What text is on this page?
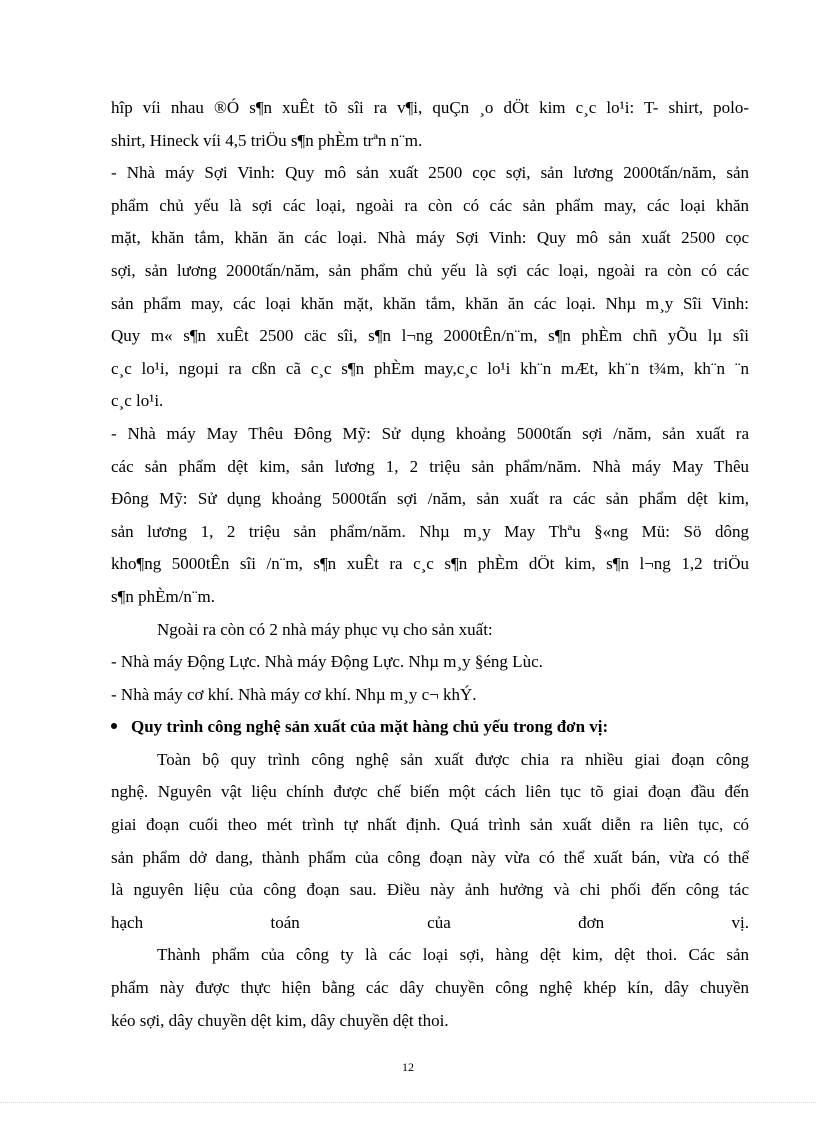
hîp víi nhau ®Ó s¶n xuÊt tõ sîi ra v¶i, quÇn ¸o dÖt kim c¸c lo¹i: T- shirt, polo-
shirt, Hineck víi 4,5 triÖu s¶n phÈm trªn n¨m.
- Nhà máy Sợi Vinh: Quy mô sản xuất 2500 cọc sợi, sản lương 2000tấn/năm, sản
phẩm chủ yếu là sợi các loại, ngoài ra còn có các sản phẩm may, các loại khăn
mặt, khăn tắm, khăn ăn các loại. Nhà máy Sợi Vinh: Quy mô sản xuất 2500 cọc
sợi, sản lương 2000tấn/năm, sản phẩm chủ yếu là sợi các loại, ngoài ra còn có các
sản phẩm may, các loại khăn mặt, khăn tắm, khăn ăn các loại. Nhµ m¸y Sîi Vinh:
Quy m« s¶n xuÊt 2500 cäc sîi, s¶n l¬ng 2000tÊn/n¨m, s¶n phÈm chñ yÕu lµ sîi
c¸c lo¹i, ngoµi ra cßn cã c¸c s¶n phÈm may,c¸c lo¹i kh¨n mÆt, kh¨n t¾m, kh¨n ¨n
c¸c lo¹i.
- Nhà máy May Thêu Đông Mỹ: Sử dụng khoảng 5000tấn sợi /năm, sản xuất ra
các sản phẩm dệt kim, sản lương 1, 2 triệu sản phẩm/năm. Nhà máy May Thêu
Đông Mỹ: Sử dụng khoảng 5000tấn sợi /năm, sản xuất ra các sản phẩm dệt kim,
sản lương 1, 2 triệu sản phẩm/năm. Nhµ m¸y May Thªu §«ng Mü: Sö dông
kho¶ng 5000tÊn sîi /n¨m, s¶n xuÊt ra c¸c s¶n phÈm dÖt kim, s¶n l¬ng 1,2 triÖu
s¶n phÈm/n¨m.
Ngoài ra còn có 2 nhà máy phục vụ cho sản xuất:
- Nhà máy Động Lực. Nhà máy Động Lực. Nhµ m¸y §éng Lùc.
- Nhà máy cơ khí. Nhà máy cơ khí. Nhµ m¸y c¬ khÝ.
Quy trình công nghệ sản xuất của mặt hàng chủ yếu trong đơn vị:
Toàn bộ quy trình công nghệ sản xuất được chia ra nhiều giai đoạn công
nghệ. Nguyên vật liệu chính được chế biến một cách liên tục tõ giai đoạn đầu đến
giai đoạn cuối theo mét trình tự nhất định. Quá trình sản xuất diễn ra liên tục, có
sản phẩm dở dang, thành phẩm của công đoạn này vừa có thể xuất bán, vừa có thể
là nguyên liệu của công đoạn sau. Điều này ảnh hưởng và chi phối đến công tác
hạch toán của đơn vị.
Thành phẩm của công ty là các loại sợi, hàng dệt kim, dệt thoi. Các sản
phẩm này được thực hiện bằng các dây chuyền công nghệ khép kín, dây chuyền
kéo sợi, dây chuyền dệt kim, dây chuyền dệt thoi.
12
